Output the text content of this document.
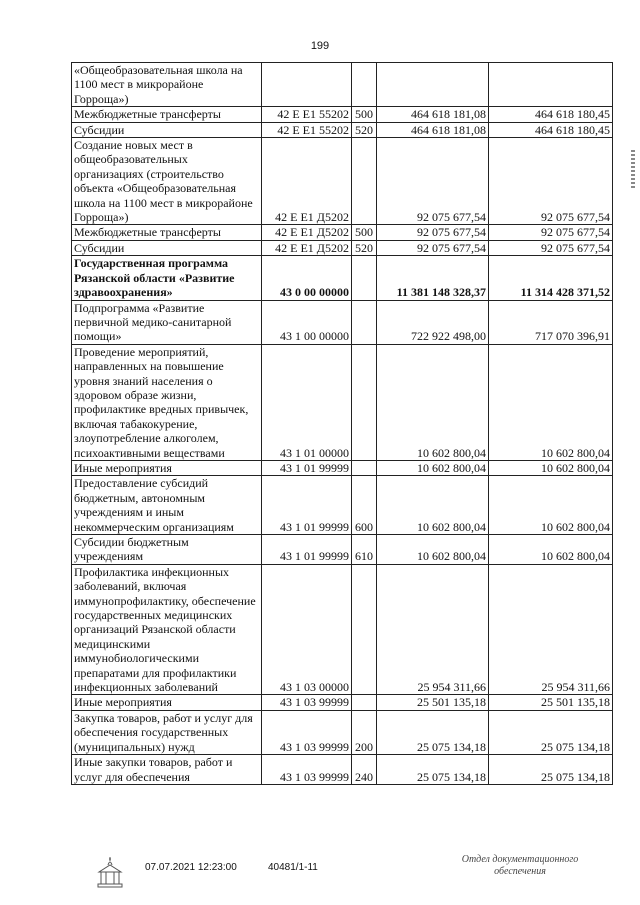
199
«Общеобразовательная школа на 1100 мест в микрорайоне Горроща»)				
Межбюджетные трансферты	42 Е Е1 55202	500	464 618 181,08	464 618 180,45
Субсидии	42 Е Е1 55202	520	464 618 181,08	464 618 180,45
Создание новых мест в общеобразовательных организациях (строительство объекта «Общеобразовательная школа на 1100 мест в микрорайоне Горроща»)	42 Е Е1 Д5202		92 075 677,54	92 075 677,54
Межбюджетные трансферты	42 Е Е1 Д5202	500	92 075 677,54	92 075 677,54
Субсидии	42 Е Е1 Д5202	520	92 075 677,54	92 075 677,54
Государственная программа Рязанской области «Развитие здравоохранения»	43 0 00 00000		11 381 148 328,37	11 314 428 371,52
Подпрограмма «Развитие первичной медико-санитарной помощи»	43 1 00 00000		722 922 498,00	717 070 396,91
Проведение мероприятий, направленных на повышение уровня знаний населения о здоровом образе жизни, профилактике вредных привычек, включая табакокурение, злоупотребление алкоголем, психоактивными веществами	43 1 01 00000		10 602 800,04	10 602 800,04
Иные мероприятия	43 1 01 99999		10 602 800,04	10 602 800,04
Предоставление субсидий бюджетным, автономным учреждениям и иным некоммерческим организациям	43 1 01 99999	600	10 602 800,04	10 602 800,04
Субсидии бюджетным учреждениям	43 1 01 99999	610	10 602 800,04	10 602 800,04
Профилактика инфекционных заболеваний, включая иммунопрофилактику, обеспечение государственных медицинских организаций Рязанской области медицинскими иммунобиологическими препаратами для профилактики инфекционных заболеваний	43 1 03 00000		25 954 311,66	25 954 311,66
Иные мероприятия	43 1 03 99999		25 501 135,18	25 501 135,18
Закупка товаров, работ и услуг для обеспечения государственных (муниципальных) нужд	43 1 03 99999	200	25 075 134,18	25 075 134,18
Иные закупки товаров, работ и услуг для обеспечения	43 1 03 99999	240	25 075 134,18	25 075 134,18
07.07.2021 12:23:00	40481/1-11
Отдел документационного
обеспечения
